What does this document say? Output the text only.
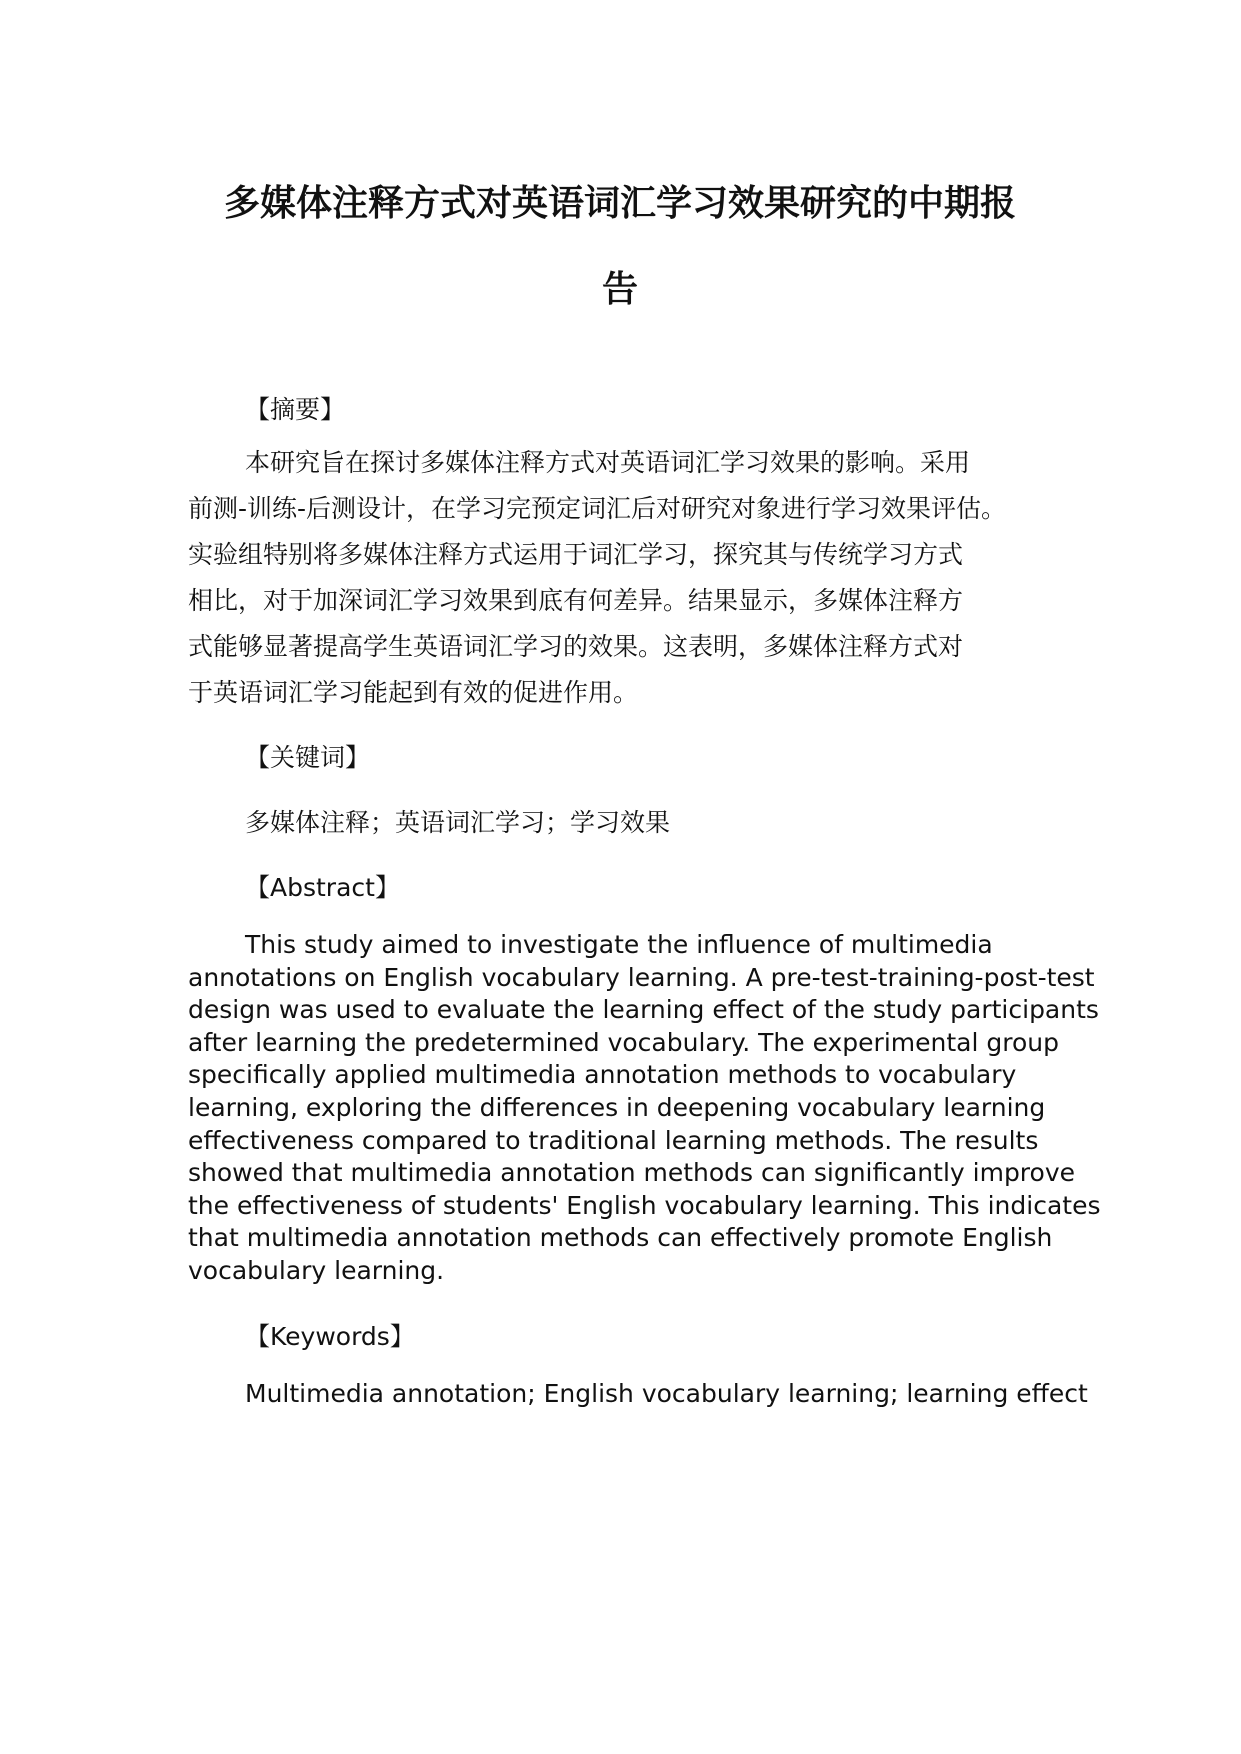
多媒体注释方式对英语词汇学习效果研究的中期报
告

【摘要】

本研究旨在探讨多媒体注释方式对英语词汇学习效果的影响。采用
前测-训练-后测设计，在学习完预定词汇后对研究对象进行学习效果评估。
实验组特别将多媒体注释方式运用于词汇学习，探究其与传统学习方式
相比，对于加深词汇学习效果到底有何差异。结果显示，多媒体注释方
式能够显著提高学生英语词汇学习的效果。这表明，多媒体注释方式对
于英语词汇学习能起到有效的促进作用。

【关键词】

多媒体注释；英语词汇学习；学习效果

【Abstract】

This study aimed to investigate the influence of multimedia
annotations on English vocabulary learning. A pre-test-training-post-test
design was used to evaluate the learning effect of the study participants
after learning the predetermined vocabulary. The experimental group
specifically applied multimedia annotation methods to vocabulary
learning, exploring the differences in deepening vocabulary learning
effectiveness compared to traditional learning methods. The results
showed that multimedia annotation methods can significantly improve
the effectiveness of students' English vocabulary learning. This indicates
that multimedia annotation methods can effectively promote English
vocabulary learning.

【Keywords】

Multimedia annotation; English vocabulary learning; learning effect
